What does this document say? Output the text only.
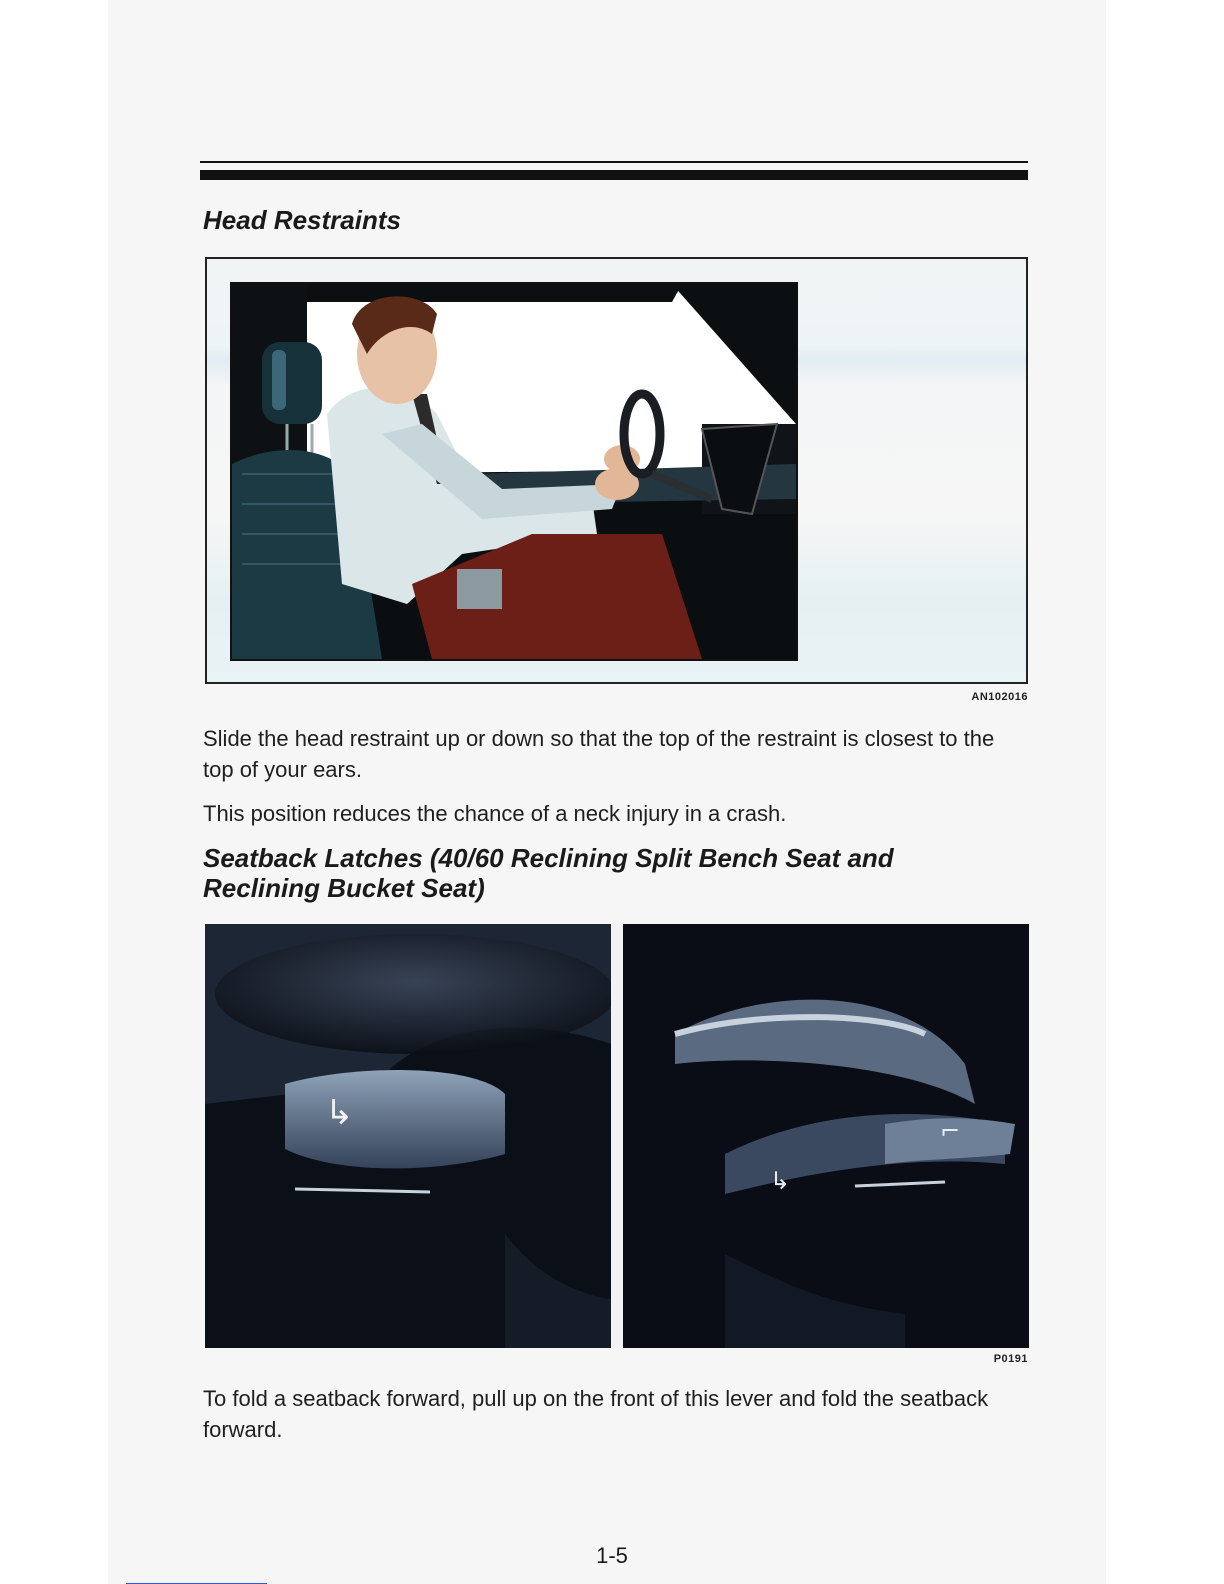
Head Restraints
AN102016

Slide the head restraint up or down so that the top of the restraint is closest to the top of your ears.

This position reduces the chance of a neck injury in a crash.

Seatback Latches (40/60 Reclining Split Bench Seat and Reclining Bucket Seat)
↳	⌐
↳
P0191

To fold a seatback forward, pull up on the front of this lever and fold the seatback forward.

1-5
